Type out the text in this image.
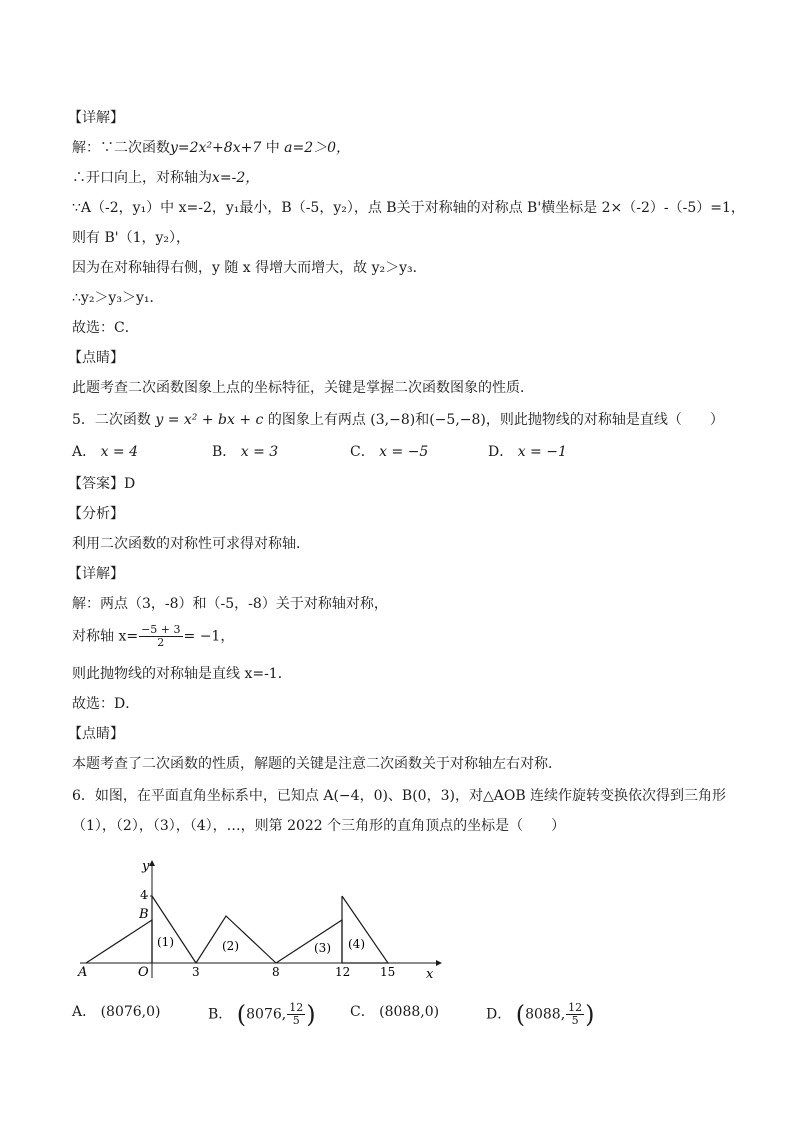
【详解】
解：∵二次函数y=2x²+8x+7 中 a=2＞0，
∴开口向上，对称轴为x=-2，
∵A（-2，y₁）中 x=-2，y₁最小，B（-5，y₂），点 B关于对称轴的对称点 B'横坐标是 2×（-2）-（-5）=1，
则有 B'（1，y₂），
因为在对称轴得右侧，y 随 x 得增大而增大，故 y₂＞y₃．
∴y₂＞y₃＞y₁．
故选：C．
【点睛】
此题考查二次函数图象上点的坐标特征，关键是掌握二次函数图象的性质．
5．二次函数 y = x² + bx + c 的图象上有两点 (3,−8)和(−5,−8)，则此抛物线的对称轴是直线（　　）
A． x = 4	B． x = 3	C． x = −5	D． x = −1
【答案】D
【分析】
利用二次函数的对称性可求得对称轴．
【详解】
解：两点（3，-8）和（-5，-8）关于对称轴对称，
对称轴 $x= \frac{-5 + 3}{2} = -1$，
则此抛物线的对称轴是直线 x=-1．
故选：D．
【点睛】
本题考查了二次函数的性质，解题的关键是注意二次函数关于对称轴左右对称．
6．如图，在平面直角坐标系中，已知点 A(−4，0)、B(0，3)，对△AOB 连续作旋转变换依次得到三角形
（1），（2），（3），（4），…，则第 2022 个三角形的直角顶点的坐标是（　　）
y
x
4
B
A	O	3	8	12 15
(1)	(2)	(3) (4)
A． (8076,0)	B． (8076, $\frac{12}{5}$ ) C． (8088,0)	D． (8088, $\frac{12}{5}$ )
